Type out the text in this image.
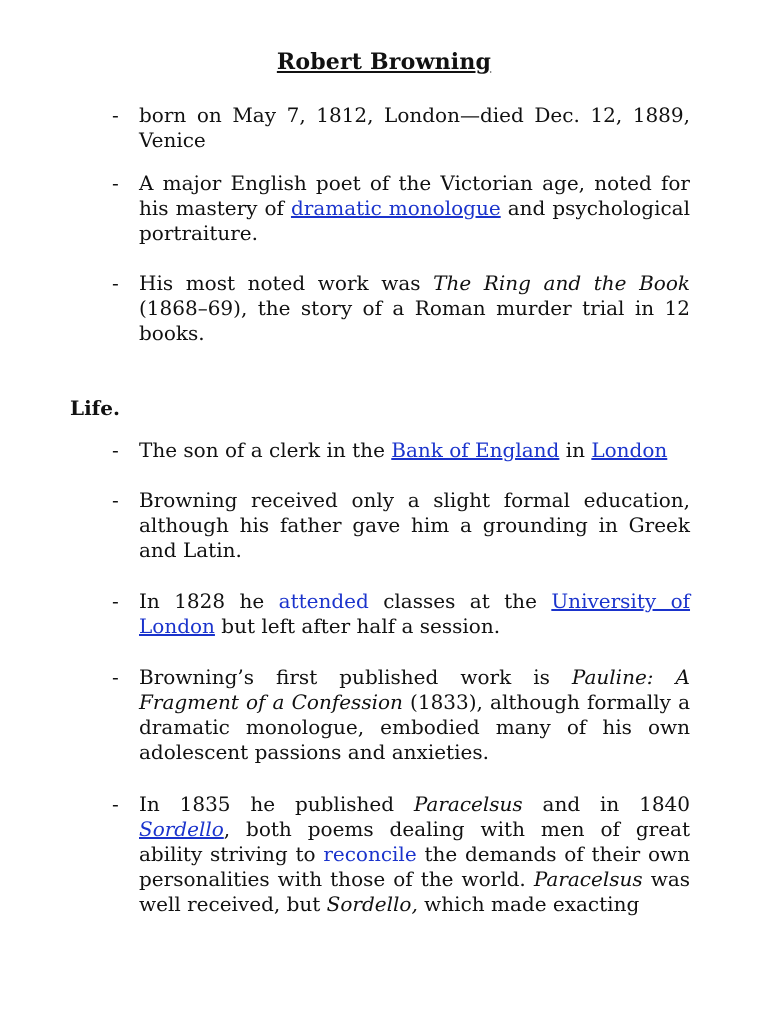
Robert Browning
-	born on May 7, 1812, London—died Dec. 12, 1889, Venice
-	A major English poet of the Victorian age, noted for his mastery of dramatic monologue and psychological portraiture.
-	His most noted work was The Ring and the Book (1868–69), the story of a Roman murder trial in 12 books.
Life.
-	The son of a clerk in the Bank of England in London
-	Browning received only a slight formal education, although his father gave him a grounding in Greek and Latin.
-	In 1828 he attended classes at the University of London but left after half a session.
-	Browning’s first published work is Pauline: A Fragment of a Confession (1833), although formally a dramatic monologue, embodied many of his own adolescent passions and anxieties.
-	In 1835 he published Paracelsus and in 1840 Sordello, both poems dealing with men of great ability striving to reconcile the demands of their own personalities with those of the world. Paracelsus was well received, but Sordello, which made exacting
